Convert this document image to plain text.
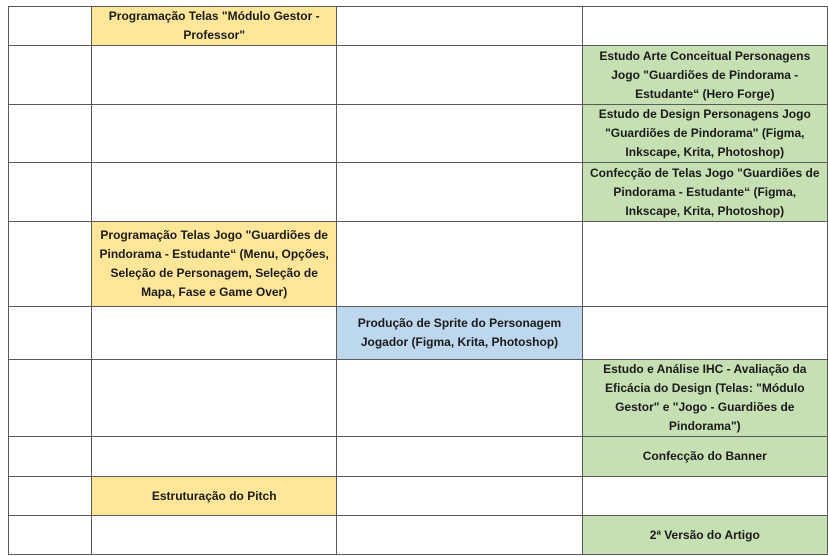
	Programação Telas "Módulo Gestor - Professor"		
			Estudo Arte Conceitual Personagens Jogo "Guardiões de Pindorama - Estudante“ (Hero Forge)
			Estudo de Design Personagens Jogo "Guardiões de Pindorama" (Figma, Inkscape, Krita, Photoshop)
			Confecção de Telas Jogo "Guardiões de Pindorama - Estudante“ (Figma, Inkscape, Krita, Photoshop)
	Programação Telas Jogo "Guardiões de Pindorama - Estudante“ (Menu, Opções, Seleção de Personagem, Seleção de Mapa, Fase e Game Over)		
		Produção de Sprite do Personagem Jogador (Figma, Krita, Photoshop)	
			Estudo e Análise IHC - Avaliação da Eficácia do Design (Telas: "Módulo Gestor" e "Jogo - Guardiões de Pindorama")
			Confecção do Banner
	Estruturação do Pitch		
			2ª Versão do Artigo
